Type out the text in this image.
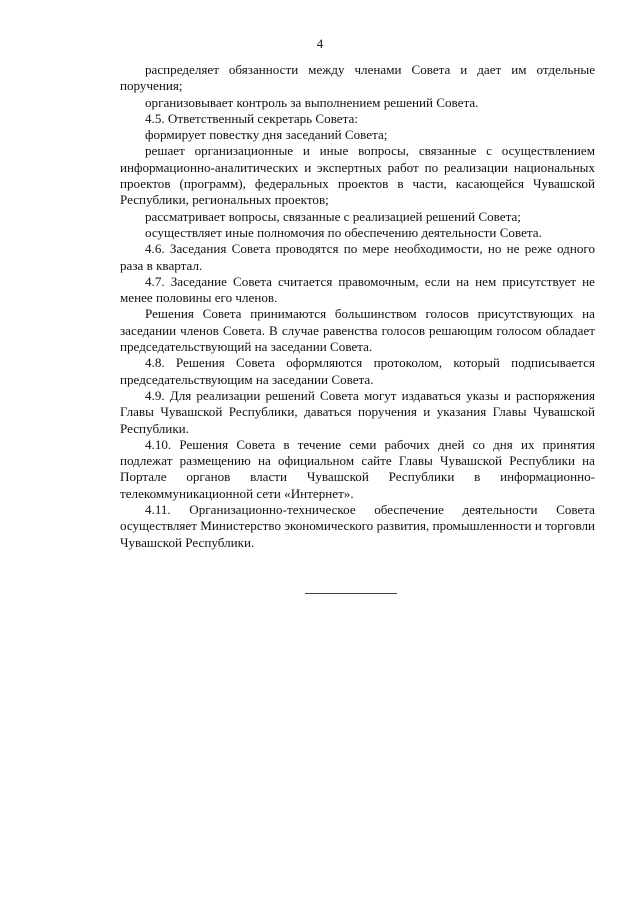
4

распределяет обязанности между членами Совета и дает им отдельные поручения;

организовывает контроль за выполнением решений Совета.

4.5. Ответственный секретарь Совета:

формирует повестку дня заседаний Совета;

решает организационные и иные вопросы, связанные с осуществлением информационно-аналитических и экспертных работ по реализации национальных проектов (программ), федеральных проектов в части, касающейся Чувашской Республики, региональных проектов;

рассматривает вопросы, связанные с реализацией решений Совета;

осуществляет иные полномочия по обеспечению деятельности Совета.

4.6. Заседания Совета проводятся по мере необходимости, но не реже одного раза в квартал.

4.7. Заседание Совета считается правомочным, если на нем присутствует не менее половины его членов.

Решения Совета принимаются большинством голосов присутствующих на заседании членов Совета. В случае равенства голосов решающим голосом обладает председательствующий на заседании Совета.

4.8. Решения Совета оформляются протоколом, который подписывается председательствующим на заседании Совета.

4.9. Для реализации решений Совета могут издаваться указы и распоряжения Главы Чувашской Республики, даваться поручения и указания Главы Чувашской Республики.

4.10. Решения Совета в течение семи рабочих дней со дня их принятия подлежат размещению на официальном сайте Главы Чувашской Республики на Портале органов власти Чувашской Республики в информационно-телекоммуникационной сети «Интернет».

4.11. Организационно-техническое обеспечение деятельности Совета осуществляет Министерство экономического развития, промышленности и торговли Чувашской Республики.
